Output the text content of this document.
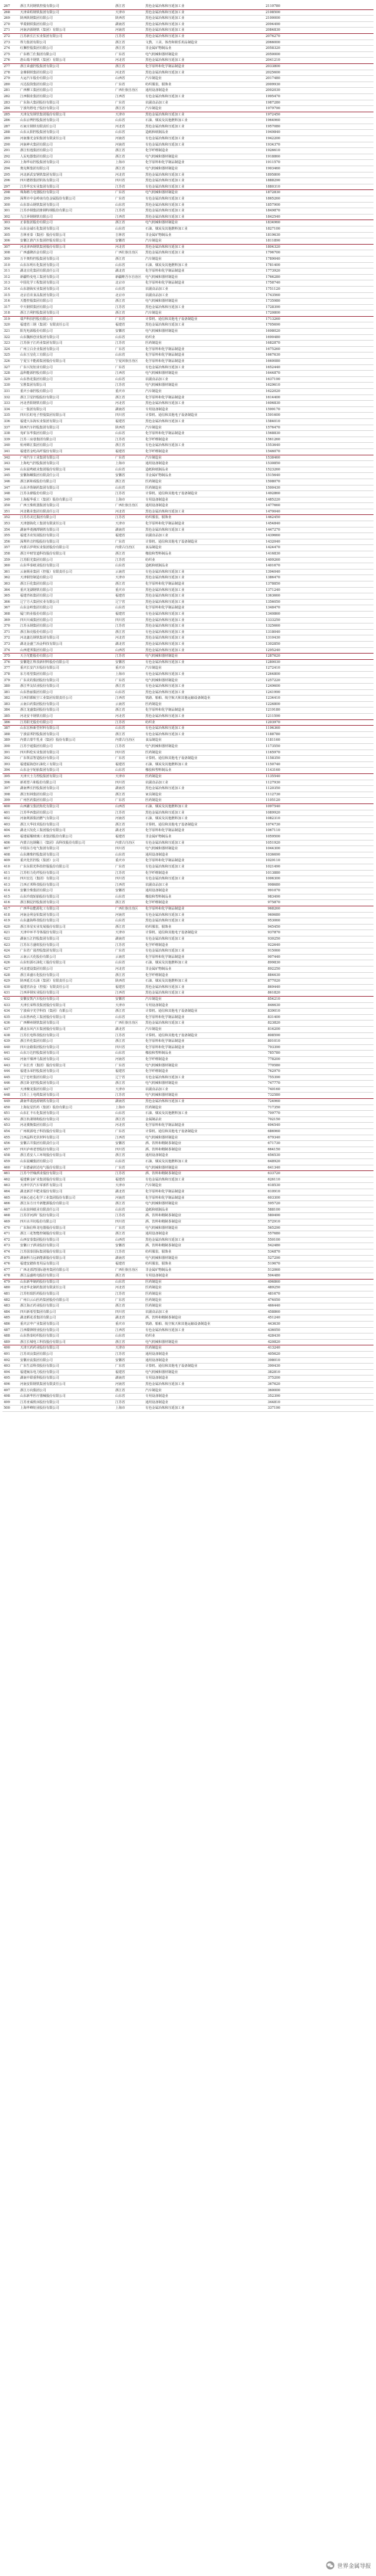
267	浙江共同钢铁控股有限公司	浙江省	黑色金属冶炼和压延加工业	2110780
268	天津荣程钢铁集团有限公司	天津市	黑色金属冶炼和压延加工业	2108500
269	陕西陕钢集团有限公司	陕西省	黑色金属冶炼和压延加工业	2100000
270	华菱钢铁集团有限公司	湖南省	黑色金属冶炼和压延加工业	2094490
271	河南济源钢铁（集团）有限公司	河南省	黑色金属冶炼和压延加工业	2084830
272	江苏新长江实业集团有限公司	江苏省	黑色金属冶炼和压延加工业	2076270
273	得力集团有限公司	浙江省	文教、工美、体育和娱乐用品制造业	2066000
274	红狮控股集团有限公司	浙江省	非金属矿物制品业	2058320
275	广东格兰仕集团有限公司	广东省	电气机械和器材制造业	2050000
276	唐山瑞丰钢铁（集团）有限公司	河北省	黑色金属冶炼和压延加工业	2041210
277	浙江荣盛控股集团有限公司	浙江省	化学原料和化学制品制造业	2033800
278	金鼎钢铁集团有限公司	河北省	黑色金属冶炼和压延加工业	2025600
279	大运汽车股份有限公司	山西省	汽车制造业	2017480
280	兴达投资集团有限公司	广东省	纺织服装、服饰业	2009930
281	广西柳工集团有限公司	广西壮族自治区	通用设备制造业	2002030
282	江西铜业集团有限公司	江西省	有色金属冶炼和压延加工业	1995470
283	广东海大集团股份有限公司	广东省	农副食品加工业	1987280
284	宁波均胜电子股份有限公司	浙江省	汽车制造业	1979790
285	天津友发钢管集团股份有限公司	天津市	黑色金属冶炼和压延加工业	1972450
286	山东京博控股集团有限公司	山东省	石油、煤炭及其他燃料加工业	1964960
287	石家庄钢铁有限责任公司	河北省	黑色金属冶炼和压延加工业	1957080
288	山东太阳控股集团有限公司	山东省	造纸和纸制品业	1949840
289	河南豫光金铅集团有限责任公司	河南省	有色金属冶炼和压延加工业	1942200
290	河南神火集团有限公司	河南省	有色金属冶炼和压延加工业	1934370
291	浙江恒逸集团有限公司	浙江省	化学纤维制造业	1926610
292	人民电器集团有限公司	浙江省	电气机械和器材制造业	1918860
293	上海华谊控股集团有限公司	上海市	化学原料和化学制品制造业	1911570
294	奥克斯集团有限公司	浙江省	电气机械和器材制造业	1903460
295	河北新武安钢铁集团有限公司	河北省	黑色金属冶炼和压延加工业	1895800
296	四川德胜集团钒钛有限公司	四川省	黑色金属冶炼和压延加工业	1888290
297	江苏华宏实业集团有限公司	江苏省	有色金属冶炼和压延加工业	1880310
298	珠海格力电器股份有限公司	广东省	电气机械和器材制造业	1872830
299	深圳市中金岭南有色金属股份有限公司	广东省	有色金属冶炼和压延加工业	1865260
300	山东泰山钢铁集团有限公司	山东省	黑色金属冶炼和压延加工业	1857900
301	江苏沙钢集团淮钢特钢股份有限公司	江苏省	黑色金属冶炼和压延加工业	1849870
302	九江萍钢钢铁有限公司	江西省	黑色金属冶炼和压延加工业	1842540
303	正泰集团股份有限公司	浙江省	电气机械和器材制造业	1834960
304	山东金诚石化集团有限公司	山东省	石油、煤炭及其他燃料加工业	1827100
305	吉林亚泰（集团）股份有限公司	吉林省	非金属矿物制品业	1819630
306	安徽江淮汽车集团控股有限公司	安徽省	汽车制造业	1811890
307	河北津西钢铁集团股份有限公司	河北省	黑色金属冶炼和压延加工业	1804320
308	广西盛隆冶金有限公司	广西壮族自治区	黑色金属冶炼和压延加工业	1796700
309	万丰奥特控股集团有限公司	浙江省	汽车制造业	1789040
310	山东东明石化集团有限公司	山东省	石油、煤炭及其他燃料加工业	1781400
311	湖北宜化集团有限责任公司	湖北省	化学原料和化学制品制造业	1773920
312	新疆特变电工集团有限公司	新疆维吾尔自治区	电气机械和器材制造业	1766280
313	中国化学工程集团有限公司	北京市	化学原料和化学制品制造业	1758740
314	山东渤海实业集团有限公司	山东省	农副食品加工业	1751120
315	北京首农食品集团有限公司	北京市	农副食品加工业	1743560
316	天能控股集团有限公司	浙江省	电气机械和器材制造业	1735980
317	中天钢铁集团有限公司	江苏省	黑色金属冶炼和压延加工业	1728390
318	浙江吉利控股集团有限公司	浙江省	汽车制造业	1720800
319	瑞声科技控股有限公司	广东省	计算机、通信和其他电子设备制造业	1713260
320	福建省三钢（集团）有限责任公司	福建省	黑色金属冶炼和压延加工业	1705690
321	阳光电源股份有限公司	安徽省	电气机械和器材制造业	1698020
322	山东魏桥创业集团有限公司	山东省	纺织业	1690480
323	江苏扬子江药业集团有限公司	江苏省	医药制造业	1682870
324	广州立白企业集团有限公司	广东省	化学原料和化学制品制造业	1675260
325	山东玉皇化工有限公司	山东省	化学原料和化学制品制造业	1667630
326	宁夏宝丰能源集团股份有限公司	宁夏回族自治区	化学原料和化学制品制造业	1660080
327	广东兴发铝业有限公司	广东省	有色金属冶炼和压延加工业	1652440
328	晶科能源控股有限公司	江西省	电气机械和器材制造业	1644870
329	山东鲁花集团有限公司	山东省	农副食品加工业	1637190
330	宝胜集团有限公司	江苏省	电气机械和器材制造业	1629610
331	重庆小康控股有限公司	重庆市	汽车制造业	1622020
332	浙江卫星控股股份有限公司	浙江省	化学原料和化学制品制造业	1614400
333	河北普阳钢铁有限公司	河北省	黑色金属冶炼和压延加工业	1606830
334	三一集团有限公司	湖南省	专用设备制造业	1599170
335	四川长虹电子控股集团有限公司	四川省	计算机、通信和其他电子设备制造业	1591600
336	福建大东海实业集团有限公司	福建省	黑色金属冶炼和压延加工业	1584010
337	陕西汽车控股集团有限公司	陕西省	汽车制造业	1576470
338	兖矿东华集团有限公司	山东省	化学原料和化学制品制造业	1568830
339	江苏三房巷集团有限公司	江苏省	化学纤维制造业	1561260
340	杭州锦江集团有限公司	浙江省	有色金属冶炼和压延加工业	1553640
341	福建省金纶高纤股份有限公司	福建省	化学纤维制造业	1546070
342	广州汽车工业集团有限公司	广东省	汽车制造业	1538460
343	上海电气控股集团有限公司	上海市	通用设备制造业	1530850
344	山东晨鸣纸业集团股份有限公司	山东省	造纸和纸制品业	1523260
345	安徽海螺集团有限责任公司	安徽省	非金属矿物制品业	1515640
346	浙江新和成股份有限公司	浙江省	医药制造业	1508070
347	山东齐鲁制药集团有限公司	山东省	医药制造业	1500430
348	江苏永鼎股份有限公司	江苏省	计算机、通信和其他电子设备制造业	1492860
349	上海振华重工（集团）股份有限公司	上海市	专用设备制造业	1485220
350	广西玉柴机器集团有限公司	广西壮族自治区	通用设备制造业	1477660
351	河北敬业集团有限责任公司	河北省	黑色金属冶炼和压延加工业	1470040
352	江苏苏美达集团有限公司	江苏省	纺织服装、服饰业	1462450
353	天津渤海化工集团有限责任公司	天津市	化学原料和化学制品制造业	1454840
354	湖南华菱湘潭钢铁有限公司	湖南省	黑色金属冶炼和压延加工业	1447270
355	福建圣农发展股份有限公司	福建省	农副食品加工业	1439660
356	深圳传音控股股份有限公司	广东省	计算机、通信和其他电子设备制造业	1432040
357	内蒙古伊利实业集团股份有限公司	内蒙古自治区	食品制造业	1424470
358	浙江中财管道科技股份有限公司	浙江省	橡胶和塑料制品业	1416830
359	江苏阳光集团有限公司	江苏省	纺织业	1409260
360	山东华泰纸业股份有限公司	山东省	造纸和纸制品业	1401670
361	云南锡业集团（控股）有限责任公司	云南省	有色金属冶炼和压延加工业	1394040
362	天津钢管制造有限公司	天津市	黑色金属冶炼和压延加工业	1386470
363	浙江巨化集团有限公司	浙江省	化学原料和化学制品制造业	1378850
364	重庆龙湖钢铁有限公司	重庆市	黑色金属冶炼和压延加工业	1371240
365	福建青拓集团有限公司	福建省	黑色金属冶炼和压延加工业	1363660
366	辽宁方大集团实业有限公司	辽宁省	黑色金属冶炼和压延加工业	1356050
367	山东金岭集团有限公司	山东省	化学原料和化学制品制造业	1348470
368	厦门钨业股份有限公司	福建省	有色金属冶炼和压延加工业	1340860
369	四川川威集团有限公司	四川省	黑色金属冶炼和压延加工业	1333250
370	江苏永钢集团有限公司	江苏省	黑色金属冶炼和压延加工业	1325660
371	浙江海亮股份有限公司	浙江省	有色金属冶炼和压延加工业	1318040
372	河北鑫达钢铁集团有限公司	河北省	黑色金属冶炼和压延加工业	1310430
373	湖北金盛兰冶金科技有限公司	湖北省	黑色金属冶炼和压延加工业	1302850
374	山西建邦集团有限公司	山西省	黑色金属冶炼和压延加工业	1295240
375	天合光能股份有限公司	江苏省	电气机械和器材制造业	1287620
376	安徽楚江科技新材料股份有限公司	安徽省	有色金属冶炼和压延加工业	1280030
377	重庆长安汽车股份有限公司	重庆市	汽车制造业	1272410
378	东方希望集团有限公司	上海市	有色金属冶炼和压延加工业	1264800
379	广东美的集团股份有限公司	广东省	电气机械和器材制造业	1257220
380	浙江华友钴业股份有限公司	浙江省	有色金属冶炼和压延加工业	1249600
381	山东鲁丽集团有限公司	山东省	黑色金属冶炼和压延加工业	1241990
382	江西洪都航空工业集团有限责任公司	江西省	铁路、船舶、航空航天和其他运输设备制造业	1234410
383	云南白药集团股份有限公司	云南省	医药制造业	1226800
384	浙江龙盛集团股份有限公司	浙江省	化学原料和化学制品制造业	1219180
385	河北安丰钢铁有限公司	河北省	黑色金属冶炼和压延加工业	1211590
386	江苏阳光股份有限公司	江苏省	纺织业	1203970
387	山东宏桥新型材料有限公司	山东省	有色金属冶炼和压延加工业	1196360
388	宁波富邦控股集团有限公司	浙江省	有色金属冶炼和压延加工业	1188780
389	内蒙古蒙牛乳业（集团）股份有限公司	内蒙古自治区	食品制造业	1181160
390	江苏亨通集团有限公司	江苏省	电气机械和器材制造业	1173550
391	四川科伦实业集团有限公司	四川省	医药制造业	1165970
392	广东领益智造股份有限公司	广东省	计算机、通信和其他电子设备制造业	1158350
393	福建福海创石油化工有限公司	福建省	石油、煤炭及其他燃料加工业	1150740
394	山东金宇轮胎集团有限公司	山东省	橡胶和塑料制品业	1143160
395	天津天士力控股集团有限公司	天津市	医药制造业	1135540
396	新希望六和股份有限公司	四川省	农副食品加工业	1127930
397	湖南博长控股集团有限公司	湖南省	黑色金属冶炼和压延加工业	1120350
398	浙江恒林集团有限公司	浙江省	家具制造业	1112730
399	广州医药集团有限公司	广东省	医药制造业	1105120
400	山西潞宝集团焦化有限公司	山西省	石油、煤炭及其他燃料加工业	1097540
401	江苏华西集团有限公司	江苏省	黑色金属冶炼和压延加工业	1089920
402	河南利源集团燃气有限公司	河南省	石油、煤炭及其他燃料加工业	1082310
403	浙江大华技术股份有限公司	浙江省	计算机、通信和其他电子设备制造业	1074730
404	湖北兴发化工集团股份有限公司	湖北省	化学原料和化学制品制造业	1067110
405	福建福耀玻璃工业集团股份有限公司	福建省	非金属矿物制品业	1059500
406	内蒙古包钢稀土（集团）高科技股份有限公司	内蒙古自治区	有色金属冶炼和压延加工业	1051920
407	中国东方电气集团有限公司	四川省	电气机械和器材制造业	1044300
408	山东潍柴控股集团有限公司	山东省	通用设备制造业	1036690
409	重庆化医控股（集团）公司	重庆市	化学原料和化学制品制造业	1029110
410	广东东阳光科技控股股份有限公司	广东省	有色金属冶炼和压延加工业	1021490
411	江苏恒力化纤股份有限公司	江苏省	化学纤维制造业	1013880
412	四川宏达（集团）有限公司	四川省	有色金属冶炼和压延加工业	1006300
413	江西正邦科技股份有限公司	江西省	农副食品加工业	998680
414	安徽全柴集团有限公司	安徽省	通用设备制造业	991070
415	山东玲珑轮胎股份有限公司	山东省	橡胶和塑料制品业	983490
416	浙江桐昆控股集团有限公司	浙江省	化学纤维制造业	975870
417	广西华谊能源化工有限公司	广西壮族自治区	化学原料和化学制品制造业	968260
418	河南金利金铅集团有限公司	河南省	有色金属冶炼和压延加工业	960680
419	山东鑫海科技股份有限公司	山东省	黑色金属冶炼和压延加工业	953060
420	浙江伟星实业发展股份有限公司	浙江省	纺织服装、服饰业	945450
421	天津中环半导体股份有限公司	天津市	计算机、通信和其他电子设备制造业	937870
422	湖南五江控股集团有限公司	湖南省	有色金属冶炼和压延加工业	930250
423	江苏东方盛虹股份有限公司	江苏省	化学纤维制造业	922640
424	广东省广晟控股集团有限公司	广东省	有色金属冶炼和压延加工业	915060
425	云南云天化股份有限公司	云南省	化学原料和化学制品制造业	907440
426	山东恒源石油化工股份有限公司	山东省	石油、煤炭及其他燃料加工业	899830
427	河北建设集团有限公司	河北省	非金属矿物制品业	892250
428	浙江荣盛石化股份有限公司	浙江省	化学纤维制造业	884630
429	陕西延长石油（集团）有限责任公司	陕西省	石油、煤炭及其他燃料加工业	877020
430	福建省冶金（控股）有限责任公司	福建省	黑色金属冶炼和压延加工业	869440
431	江西萍钢实业股份有限公司	江西省	黑色金属冶炼和压延加工业	861820
432	安徽安凯汽车股份有限公司	安徽省	汽车制造业	854210
433	天津长荣科技集团股份有限公司	天津市	专用设备制造业	846630
434	宁波舜宇光学科技（集团）有限公司	浙江省	计算机、通信和其他电子设备制造业	839010
435	山东鲁西化工集团股份有限公司	山东省	化学原料和化学制品制造业	831400
436	广西柳州钢铁集团有限公司	广西壮族自治区	黑色金属冶炼和压延加工业	823820
437	湖北东风汽车集团股份有限公司	湖北省	汽车制造业	816200
438	江苏长电科技股份有限公司	江苏省	计算机、通信和其他电子设备制造业	808590
439	浙江传化集团有限公司	浙江省	化学原料和化学制品制造业	801010
440	四川金路集团股份有限公司	四川省	化学原料和化学制品制造业	793390
441	山东万达控股集团有限公司	山东省	橡胶和塑料制品业	785780
442	河南平煤神马集团有限公司	河南省	化学纤维制造业	778200
443	广东长青（集团）股份有限公司	广东省	电气机械和器材制造业	770580
444	福建永荣控股集团有限公司	福建省	化学纤维制造业	762970
445	辽宁忠旺集团有限公司	辽宁省	有色金属冶炼和压延加工业	755390
446	浙江卧龙控股集团有限公司	浙江省	电气机械和器材制造业	747770
447	天津聚龙集团有限公司	天津市	农副食品加工业	740160
448	江苏上上电缆集团有限公司	江苏省	电气机械和器材制造业	732580
449	湖南华菱涟源钢铁有限公司	湖南省	黑色金属冶炼和压延加工业	724960
450	上海复星医药（集团）股份有限公司	上海市	医药制造业	717350
451	山东汇丰石化集团有限公司	山东省	石油、煤炭及其他燃料加工业	709770
452	浙江杭萧钢构股份有限公司	浙江省	金属制品业	702150
453	河北冀衡集团有限公司	河北省	化学原料和化学制品制造业	694540
454	广州视源电子科技股份有限公司	广东省	计算机、通信和其他电子设备制造业	686960
455	江西晶科光伏材料有限公司	江西省	电气机械和器材制造业	679340
456	安徽古井集团有限责任公司	安徽省	酒、饮料和精制茶制造业	671730
457	四川泸州老窖股份有限公司	四川省	酒、饮料和精制茶制造业	664150
458	浙江盾安人工环境股份有限公司	浙江省	通用设备制造业	656530
459	山东晨曦集团有限公司	山东省	石油、煤炭及其他燃料加工业	648920
460	广东德豪润达电气股份有限公司	广东省	电气机械和器材制造业	641340
461	江苏今世缘酒业股份有限公司	江苏省	酒、饮料和精制茶制造业	633720
462	福建紫金矿业集团股份有限公司	福建省	有色金属冶炼和压延加工业	626110
463	天津中沃汽车零部件有限公司	天津市	汽车制造业	618530
464	湖北新洋丰肥业股份有限公司	湖北省	化学原料和化学制品制造业	610910
465	河南心连心化学工业集团股份有限公司	河南省	化学原料和化学制品制造业	603300
466	浙江东方日升新能源股份有限公司	浙江省	电气机械和器材制造业	595720
467	山东泉林纸业有限责任公司	山东省	造纸和纸制品业	588100
468	江苏洋河酒厂股份有限公司	江苏省	酒、饮料和精制茶制造业	580490
469	四川水井坊股份有限公司	四川省	酒、饮料和精制茶制造业	572910
470	广东海信科龙电器股份有限公司	广东省	电气机械和器材制造业	565290
471	浙江三花智能控制股份有限公司	浙江省	通用设备制造业	557680
472	山西安泰集团股份有限公司	山西省	黑色金属冶炼和压延加工业	550100
473	安徽口子酒业股份有限公司	安徽省	酒、饮料和精制茶制造业	542480
474	江苏国泰国际集团股份有限公司	江苏省	纺织服装、服饰业	534870
475	湖南科力远新能源股份有限公司	湖南省	电气机械和器材制造业	527290
476	福建安踏体育用品有限公司	福建省	纺织服装、服饰业	519670
477	广西北部湾国际港务集团有限公司	广西壮族自治区	非金属矿物制品业	512060
478	浙江晶盛机电股份有限公司	浙江省	专用设备制造业	504480
479	山东新华制药股份有限公司	山东省	医药制造业	496860
480	河北华北制药集团有限责任公司	河北省	医药制造业	489250
481	江苏恒瑞医药股份有限公司	江苏省	医药制造业	481670
482	广州白云山医药集团股份有限公司	广东省	医药制造业	474050
483	浙江海正药业股份有限公司	浙江省	医药制造业	466440
484	四川新希望集团有限公司	四川省	农副食品加工业	458860
485	湖北稻花香集团有限公司	湖北省	酒、饮料和精制茶制造业	451240
486	重庆宗申产业集团有限公司	重庆市	铁路、船舶、航空航天和其他运输设备制造业	443630
487	江西赣锋锂业股份有限公司	江西省	有色金属冶炼和压延加工业	436050
488	山东鲁泰纺织股份有限公司	山东省	纺织业	428430
489	浙江长城电工科技股份有限公司	浙江省	电气机械和器材制造业	420820
490	天津天药药业股份有限公司	天津市	医药制造业	413240
491	江苏双良集团有限公司	江苏省	通用设备制造业	405620
492	安徽应流集团有限公司	安徽省	通用设备制造业	398010
493	广东生益科技股份有限公司	广东省	计算机、通信和其他电子设备制造业	390430
494	福建闽东电力股份有限公司	福建省	电气机械和器材制造业	382810
495	湖南中联重科股份有限公司	湖南省	专用设备制造业	375200
496	河南安阳钢铁集团有限责任公司	河南省	黑色金属冶炼和压延加工业	367620
497	浙江万向集团公司	浙江省	汽车制造业	360000
498	山东新华医疗器械股份有限公司	山东省	专用设备制造业	352390
499	江苏亚威机床股份有限公司	江苏省	通用设备制造业	344810
500	上海华峰铝业股份有限公司	上海市	有色金属冶炼和压延加工业	337190
世界金属导报
